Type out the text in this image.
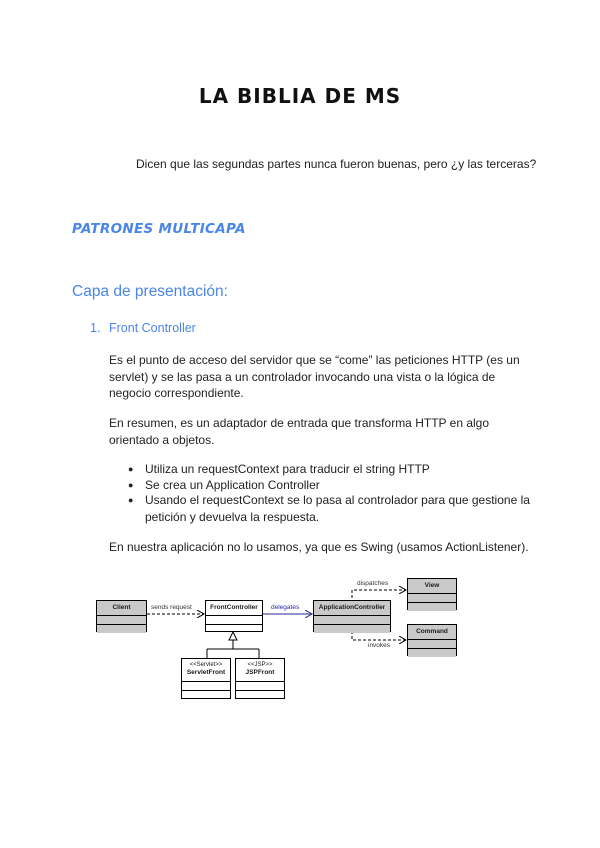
LA BIBLIA DE MS
Dicen que las segundas partes nunca fueron buenas, pero ¿y las terceras?
PATRONES MULTICAPA
Capa de presentación:
1. Front Controller
Es el punto de acceso del servidor que se “come” las peticiones HTTP (es un servlet) y se las pasa a un controlador invocando una vista o la lógica de negocio correspondiente.
En resumen, es un adaptador de entrada que transforma HTTP en algo orientado a objetos.
● Utiliza un requestContext para traducir el string HTTP
● Se crea un Application Controller
● Usando el requestContext se lo pasa al controlador para que gestione la petición y devuelva la respuesta.
En nuestra aplicación no lo usamos, ya que es Swing (usamos ActionListener).
Client	sends request	FrontController	delegates	ApplicationController
dispatches
invokes
View
Command
<<Servlet>>
ServletFront
<<JSP>>
JSPFront
